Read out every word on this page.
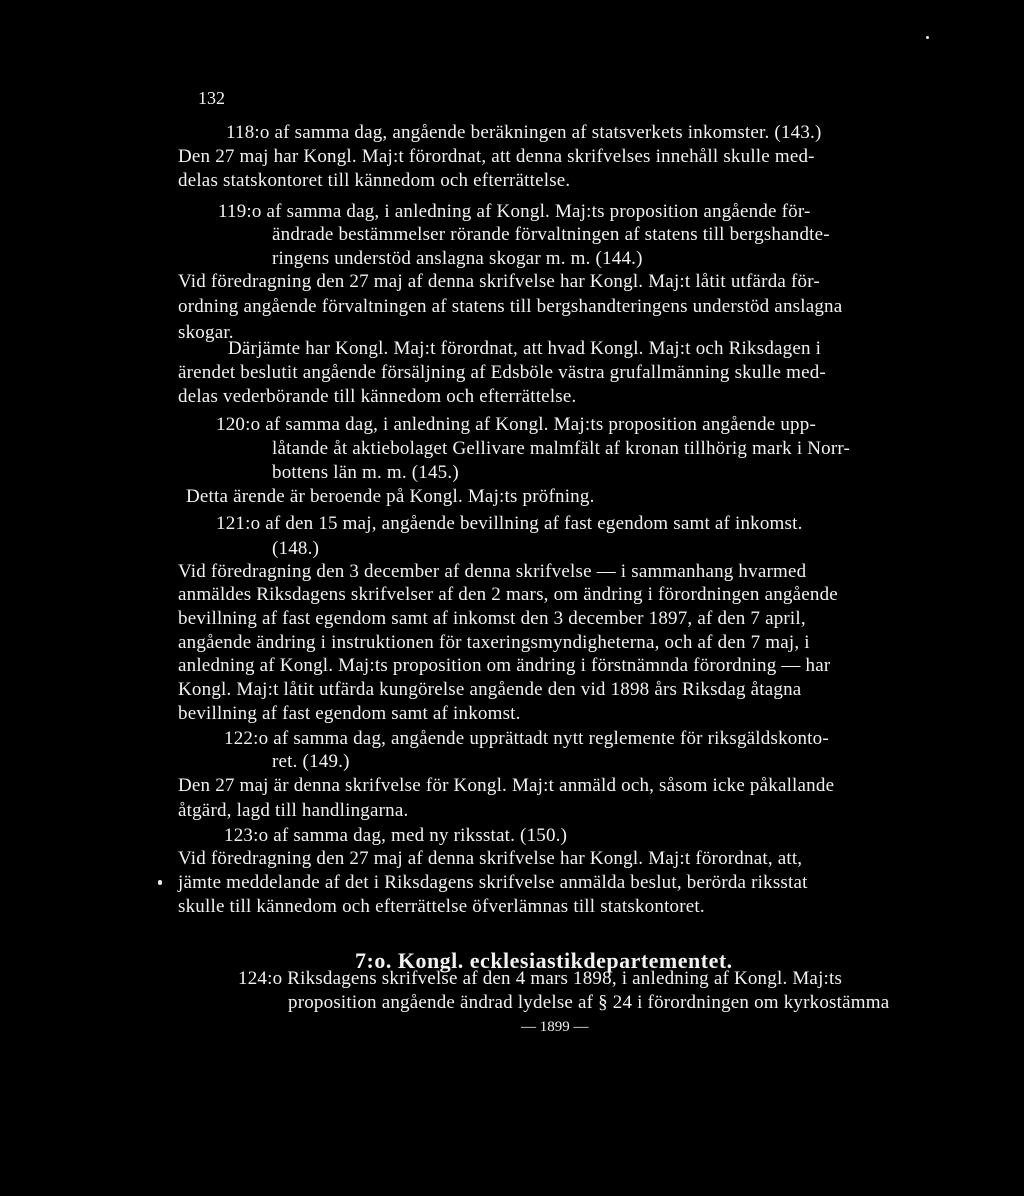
132
118:o af samma dag, angående beräkningen af statsverkets inkomster. (143.)
Den 27 maj har Kongl. Maj:t förordnat, att denna skrifvelses innehåll skulle med-
delas statskontoret till kännedom och efterrättelse.
119:o af samma dag, i anledning af Kongl. Maj:ts proposition angående för-
ändrade bestämmelser rörande förvaltningen af statens till bergshandte-
ringens understöd anslagna skogar m. m. (144.)
Vid föredragning den 27 maj af denna skrifvelse har Kongl. Maj:t låtit utfärda för-
ordning angående förvaltningen af statens till bergshandteringens understöd anslagna
skogar.
Därjämte har Kongl. Maj:t förordnat, att hvad Kongl. Maj:t och Riksdagen i
ärendet beslutit angående försäljning af Edsböle västra grufallmänning skulle med-
delas vederbörande till kännedom och efterrättelse.
120:o af samma dag, i anledning af Kongl. Maj:ts proposition angående upp-
låtande åt aktiebolaget Gellivare malmfält af kronan tillhörig mark i Norr-
bottens län m. m. (145.)
Detta ärende är beroende på Kongl. Maj:ts pröfning.
121:o af den 15 maj, angående bevillning af fast egendom samt af inkomst.
(148.)
Vid föredragning den 3 december af denna skrifvelse — i sammanhang hvarmed
anmäldes Riksdagens skrifvelser af den 2 mars, om ändring i förordningen angående
bevillning af fast egendom samt af inkomst den 3 december 1897, af den 7 april,
angående ändring i instruktionen för taxeringsmyndigheterna, och af den 7 maj, i
anledning af Kongl. Maj:ts proposition om ändring i förstnämnda förordning — har
Kongl. Maj:t låtit utfärda kungörelse angående den vid 1898 års Riksdag åtagna
bevillning af fast egendom samt af inkomst.
122:o af samma dag, angående upprättadt nytt reglemente för riksgäldskonto-
ret. (149.)
Den 27 maj är denna skrifvelse för Kongl. Maj:t anmäld och, såsom icke påkallande
åtgärd, lagd till handlingarna.
123:o af samma dag, med ny riksstat. (150.)
Vid föredragning den 27 maj af denna skrifvelse har Kongl. Maj:t förordnat, att,
jämte meddelande af det i Riksdagens skrifvelse anmälda beslut, berörda riksstat
skulle till kännedom och efterrättelse öfverlämnas till statskontoret.
7:o. Kongl. ecklesiastikdepartementet.
124:o Riksdagens skrifvelse af den 4 mars 1898, i anledning af Kongl. Maj:ts
proposition angående ändrad lydelse af § 24 i förordningen om kyrkostämma
— 1899 —
